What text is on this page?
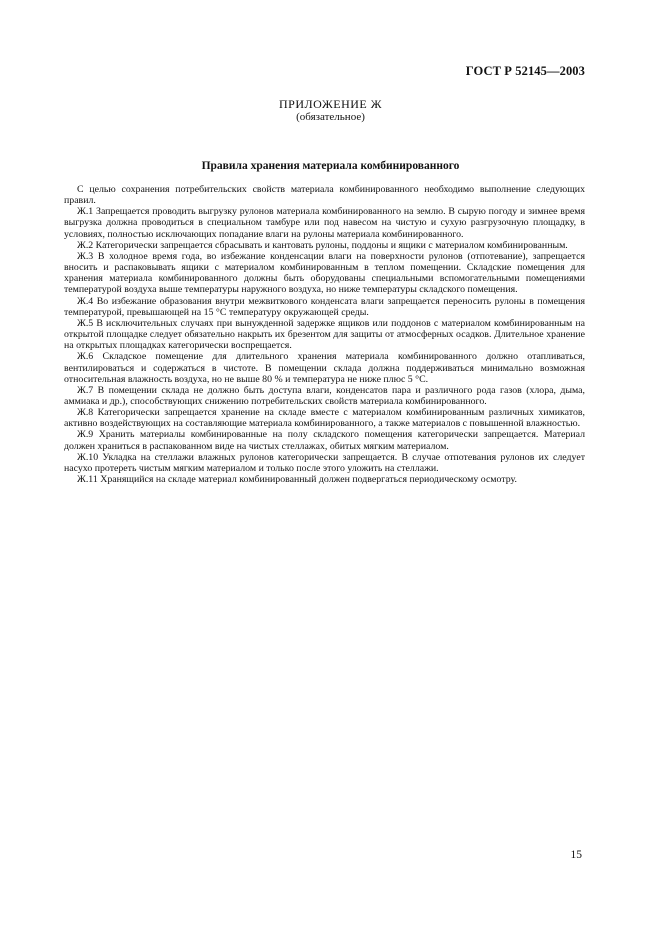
ГОСТ Р 52145—2003
ПРИЛОЖЕНИЕ Ж
(обязательное)
Правила хранения материала комбинированного

С целью сохранения потребительских свойств материала комбинированного необходимо выполнение следующих правил.

Ж.1 Запрещается проводить выгрузку рулонов материала комбинированного на землю. В сырую погоду и зимнее время выгрузка должна проводиться в специальном тамбуре или под навесом на чистую и сухую разгрузочную площадку, в условиях, полностью исключающих попадание влаги на рулоны материала комбинированного.

Ж.2 Категорически запрещается сбрасывать и кантовать рулоны, поддоны и ящики с материалом комбинированным.

Ж.3 В холодное время года, во избежание конденсации влаги на поверхности рулонов (отпотевание), запрещается вносить и распаковывать ящики с материалом комбинированным в теплом помещении. Складские помещения для хранения материала комбинированного должны быть оборудованы специальными вспомогательными помещениями температурой воздуха выше температуры наружного воздуха, но ниже температуры складского помещения.

Ж.4 Во избежание образования внутри межвиткового конденсата влаги запрещается переносить рулоны в помещения температурой, превышающей на 15 °С температуру окружающей среды.

Ж.5 В исключительных случаях при вынужденной задержке ящиков или поддонов с материалом комбинированным на открытой площадке следует обязательно накрыть их брезентом для защиты от атмосферных осадков. Длительное хранение на открытых площадках категорически воспрещается.

Ж.6 Складское помещение для длительного хранения материала комбинированного должно отапливаться, вентилироваться и содержаться в чистоте. В помещении склада должна поддерживаться минимально возможная относительная влажность воздуха, но не выше 80 % и температура не ниже плюс 5 °С.

Ж.7 В помещении склада не должно быть доступа влаги, конденсатов пара и различного рода газов (хлора, дыма, аммиака и др.), способствующих снижению потребительских свойств материала комбинированного.

Ж.8 Категорически запрещается хранение на складе вместе с материалом комбинированным различных химикатов, активно воздействующих на составляющие материала комбинированного, а также материалов с повышенной влажностью.

Ж.9 Хранить материалы комбинированные на полу складского помещения категорически запрещается. Материал должен храниться в распакованном виде на чистых стеллажах, обитых мягким материалом.

Ж.10 Укладка на стеллажи влажных рулонов категорически запрещается. В случае отпотевания рулонов их следует насухо протереть чистым мягким материалом и только после этого уложить на стеллажи.

Ж.11 Хранящийся на складе материал комбинированный должен подвергаться периодическому осмотру.

15
